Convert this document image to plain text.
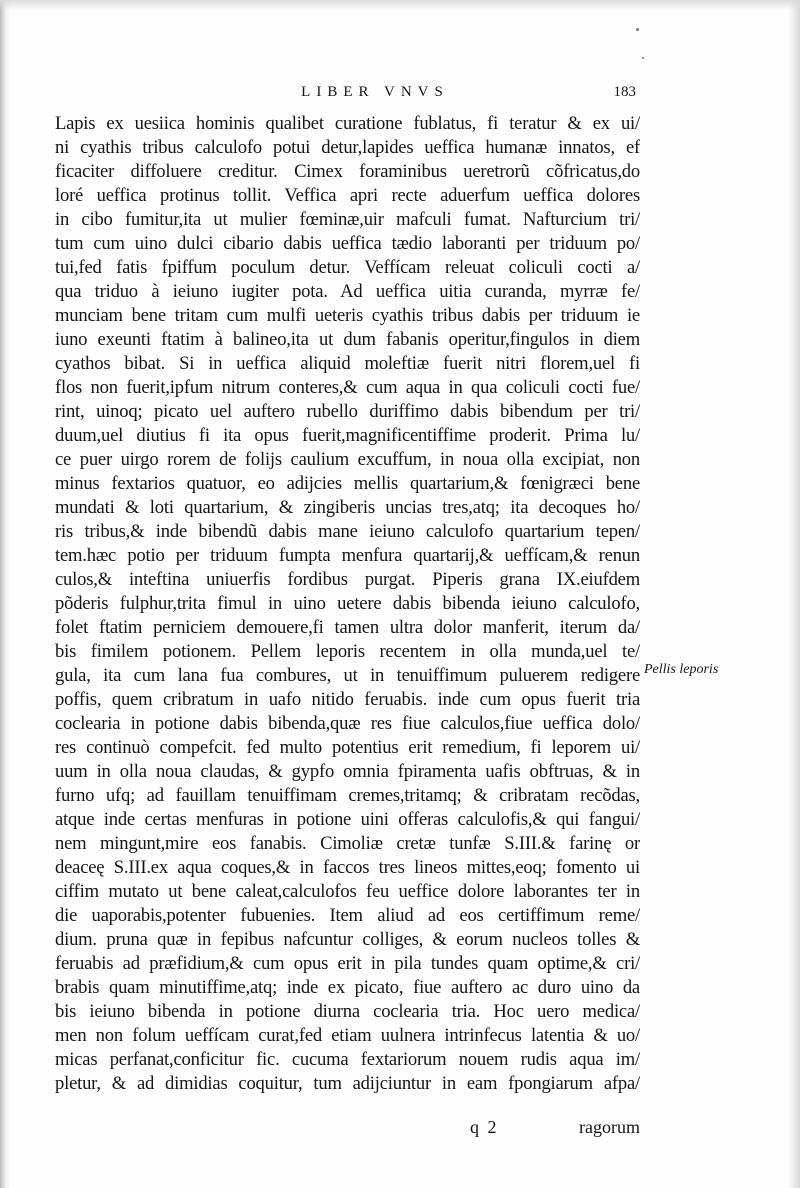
LIBER VNVS	183
Lapis ex uesiica hominis qualibet curatione fublatus, fi teratur & ex ui/
ni cyathis tribus calculofo potui detur,lapides ueffica humanæ innatos, ef
ficaciter diffoluere creditur. Cimex foraminibus ueretrorũ cõfricatus,do
loré ueffica protinus tollit. Veffica apri recte aduerfum ueffica dolores
in cibo fumitur,ita ut mulier fœminæ,uir mafculi fumat. Nafturcium tri/
tum cum uino dulci cibario dabis ueffica tædio laboranti per triduum po/
tui,fed fatis fpiffum poculum detur. Veffícam releuat coliculi cocti a/
qua triduo à ieiuno iugiter pota. Ad ueffica uitia curanda, myrræ fe/
munciam bene tritam cum mulfi ueteris cyathis tribus dabis per triduum ie
iuno exeunti ftatim à balineo,ita ut dum fabanis operitur,fingulos in diem
cyathos bibat. Si in ueffica aliquid moleftiæ fuerit nitri florem,uel fi
flos non fuerit,ipfum nitrum conteres,& cum aqua in qua coliculi cocti fue/
rint, uinoq; picato uel auftero rubello duriffimo dabis bibendum per tri/
duum,uel diutius fi ita opus fuerit,magnificentiffime proderit. Prima lu/
ce puer uirgo rorem de folijs caulium excuffum, in noua olla excipiat, non
minus fextarios quatuor, eo adijcies mellis quartarium,& fœnigræci bene
mundati & loti quartarium, & zingiberis uncias tres,atq; ita decoques ho/
ris tribus,& inde bibendũ dabis mane ieiuno calculofo quartarium tepen/
tem.hæc potio per triduum fumpta menfura quartarij,& ueffícam,& renun
culos,& inteftina uniuerfis fordibus purgat. Piperis grana IX.eiufdem
põderis fulphur,trita fimul in uino uetere dabis bibenda ieiuno calculofo,
folet ftatim perniciem demouere,fi tamen ultra dolor manferit, iterum da/
bis fimilem potionem. Pellem leporis recentem in olla munda,uel te/
gula, ita cum lana fua combures, ut in tenuiffimum puluerem redigere
poffis, quem cribratum in uafo nitido feruabis. inde cum opus fuerit tria
coclearia in potione dabis bibenda,quæ res fiue calculos,fiue ueffica dolo/
res continuò compefcit. fed multo potentius erit remedium, fi leporem ui/
uum in olla noua claudas, & gypfo omnia fpiramenta uafis obftruas, & in
furno ufq; ad fauillam tenuiffimam cremes,tritamq; & cribratam recõdas,
atque inde certas menfuras in potione uini offeras calculofis,& qui fangui/
nem mingunt,mire eos fanabis. Cimoliæ cretæ tunfæ S.III.& farinę or
deaceę S.III.ex aqua coques,& in faccos tres lineos mittes,eoq; fomento ui
ciffim mutato ut bene caleat,calculofos feu ueffice dolore laborantes ter in
die uaporabis,potenter fubuenies. Item aliud ad eos certiffimum reme/
dium. pruna quæ in fepibus nafcuntur colliges, & eorum nucleos tolles &
feruabis ad præfidium,& cum opus erit in pila tundes quam optime,& cri/
brabis quam minutiffime,atq; inde ex picato, fiue auftero ac duro uino da
bis ieiuno bibenda in potione diurna coclearia tria. Hoc uero medica/
men non folum ueffícam curat,fed etiam uulnera intrinfecus latentia & uo/
micas perfanat,conficitur fic. cucuma fextariorum nouem rudis aqua im/
pletur, & ad dimidias coquitur, tum adijciuntur in eam fpongiarum afpa/
Pellis leporis
q 2	ragorum
